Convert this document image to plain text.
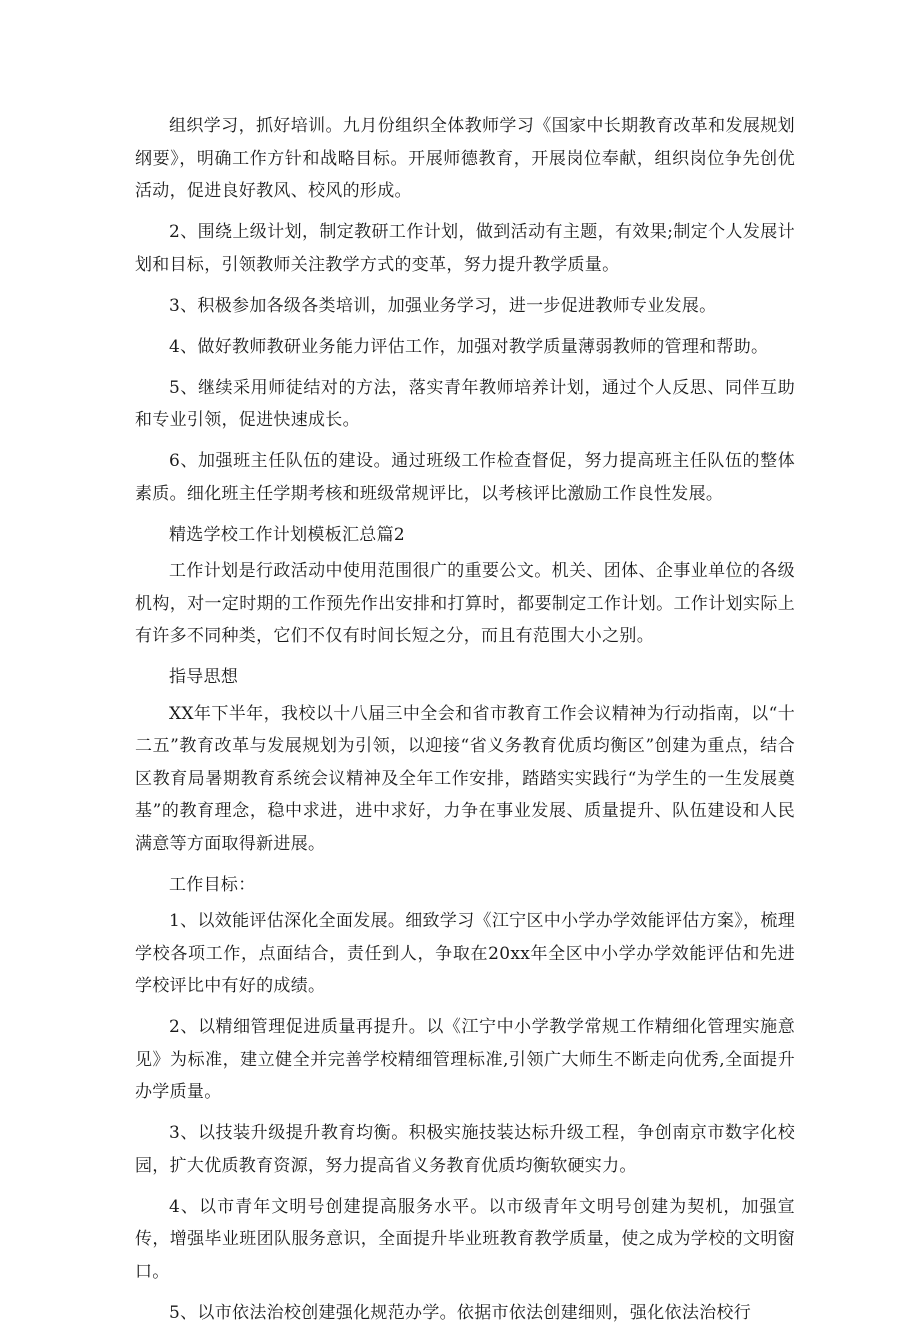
组织学习，抓好培训。九月份组织全体教师学习《国家中长期教育改革和发展规划纲要》，明确工作方针和战略目标。开展师德教育，开展岗位奉献，组织岗位争先创优活动，促进良好教风、校风的形成。

2、围绕上级计划，制定教研工作计划，做到活动有主题，有效果;制定个人发展计划和目标，引领教师关注教学方式的变革，努力提升教学质量。

3、积极参加各级各类培训，加强业务学习，进一步促进教师专业发展。

4、做好教师教研业务能力评估工作，加强对教学质量薄弱教师的管理和帮助。

5、继续采用师徒结对的方法，落实青年教师培养计划，通过个人反思、同伴互助和专业引领，促进快速成长。

6、加强班主任队伍的建设。通过班级工作检查督促，努力提高班主任队伍的整体素质。细化班主任学期考核和班级常规评比，以考核评比激励工作良性发展。

精选学校工作计划模板汇总篇2

工作计划是行政活动中使用范围很广的重要公文。机关、团体、企事业单位的各级机构，对一定时期的工作预先作出安排和打算时，都要制定工作计划。工作计划实际上有许多不同种类，它们不仅有时间长短之分，而且有范围大小之别。

指导思想

XX年下半年，我校以十八届三中全会和省市教育工作会议精神为行动指南，以“十二五”教育改革与发展规划为引领，以迎接“省义务教育优质均衡区”创建为重点，结合区教育局暑期教育系统会议精神及全年工作安排，踏踏实实践行“为学生的一生发展奠基”的教育理念，稳中求进，进中求好，力争在事业发展、质量提升、队伍建设和人民满意等方面取得新进展。

工作目标：

1、以效能评估深化全面发展。细致学习《江宁区中小学办学效能评估方案》，梳理学校各项工作，点面结合，责任到人，争取在20xx年全区中小学办学效能评估和先进学校评比中有好的成绩。

2、以精细管理促进质量再提升。以《江宁中小学教学常规工作精细化管理实施意见》为标准，建立健全并完善学校精细管理标准,引领广大师生不断走向优秀,全面提升办学质量。

3、以技装升级提升教育均衡。积极实施技装达标升级工程，争创南京市数字化校园，扩大优质教育资源，努力提高省义务教育优质均衡软硬实力。

4、以市青年文明号创建提高服务水平。以市级青年文明号创建为契机，加强宣传，增强毕业班团队服务意识，全面提升毕业班教育教学质量，使之成为学校的文明窗口。

5、以市依法治校创建强化规范办学。依据市依法创建细则，强化依法治校行
